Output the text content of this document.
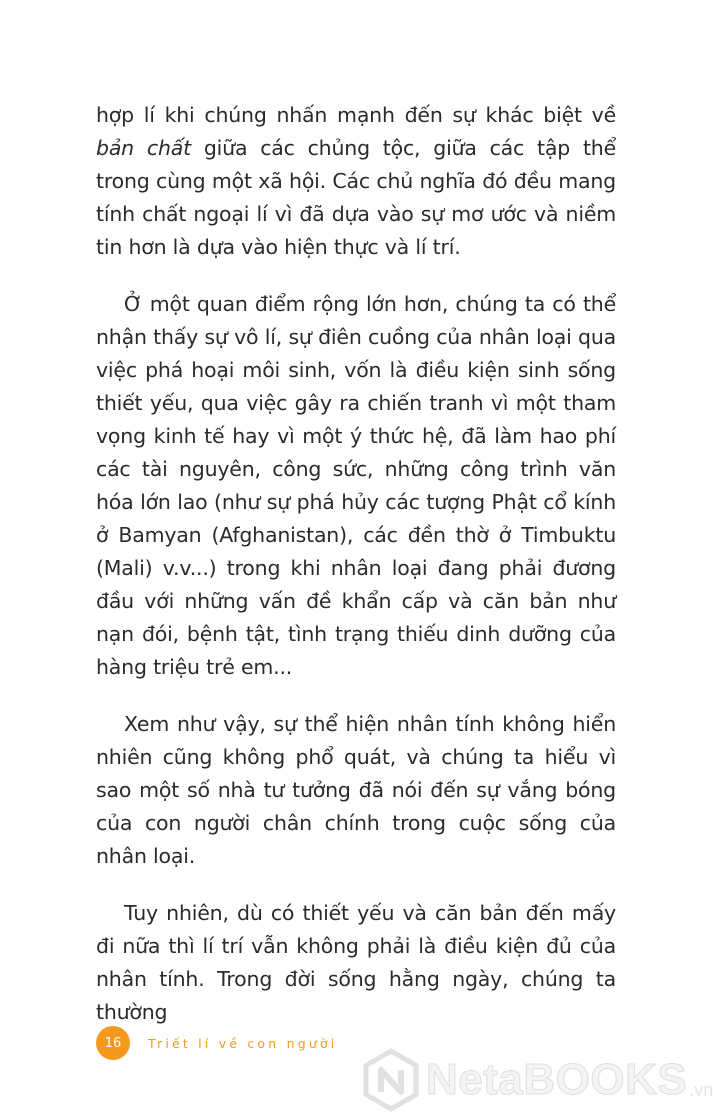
hợp lí khi chúng nhấn mạnh đến sự khác biệt về bản chất giữa các chủng tộc, giữa các tập thể trong cùng một xã hội. Các chủ nghĩa đó đều mang tính chất ngoại lí vì đã dựa vào sự mơ ước và niềm tin hơn là dựa vào hiện thực và lí trí.

Ở một quan điểm rộng lớn hơn, chúng ta có thể nhận thấy sự vô lí, sự điên cuồng của nhân loại qua việc phá hoại môi sinh, vốn là điều kiện sinh sống thiết yếu, qua việc gây ra chiến tranh vì một tham vọng kinh tế hay vì một ý thức hệ, đã làm hao phí các tài nguyên, công sức, những công trình văn hóa lớn lao (như sự phá hủy các tượng Phật cổ kính ở Bamyan (Afghanistan), các đền thờ ở Timbuktu (Mali) v.v...) trong khi nhân loại đang phải đương đầu với những vấn đề khẩn cấp và căn bản như nạn đói, bệnh tật, tình trạng thiếu dinh dưỡng của hàng triệu trẻ em...

Xem như vậy, sự thể hiện nhân tính không hiển nhiên cũng không phổ quát, và chúng ta hiểu vì sao một số nhà tư tưởng đã nói đến sự vắng bóng của con người chân chính trong cuộc sống của nhân loại.

Tuy nhiên, dù có thiết yếu và căn bản đến mấy đi nữa thì lí trí vẫn không phải là điều kiện đủ của nhân tính. Trong đời sống hằng ngày, chúng ta thường

16	Triết lí về con người
NetaBOOKS .vn
